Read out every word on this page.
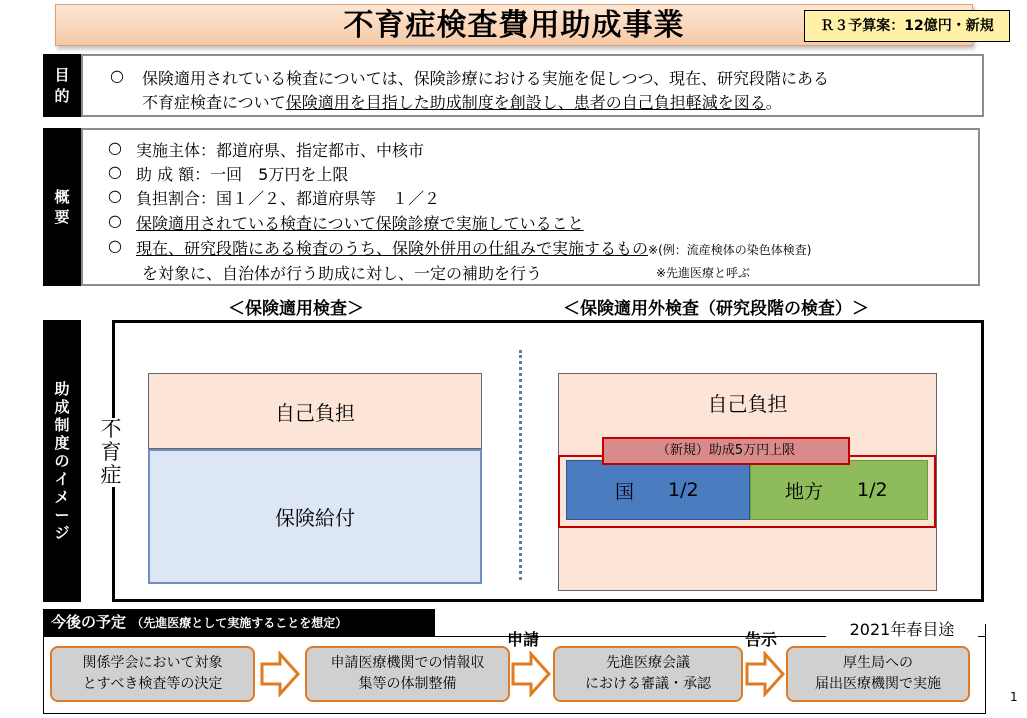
不育症検査費用助成事業	Ｒ３予算案：12億円・新規
目
的
○ 保険適用されている検査については、保険診療における実施を促しつつ、現在、研究段階にある
不育症検査について保険適用を目指した助成制度を創設し、患者の自己負担軽減を図る。
概
要
○ 実施主体：都道府県、指定都市、中核市
○ 助 成 額：一回　5万円を上限
○ 負担割合：国１／２、都道府県等　１／２
○ 保険適用されている検査について保険診療で実施していること
○ 現在、研究段階にある検査のうち、保険外併用の仕組みで実施するもの※(例：流産検体の染色体検査)
を対象に、自治体が行う助成に対し、一定の補助を行う	※先進医療と呼ぶ
＜保険適用検査＞	＜保険適用外検査（研究段階の検査）＞
助
成
制
度
の
イ
メ
ー
ジ
自己負担
保険給付
不
育
症
自己負担
国 1/2	地方 1/2
（新規）助成5万円上限
今後の予定 （先進医療として実施することを想定）	2021年春目途
関係学会において対象
とすべき検査等の決定
申請医療機関での情報収
集等の体制整備
先進医療会議
における審議・承認
厚生局への
届出医療機関で実施
申請	告示
1
